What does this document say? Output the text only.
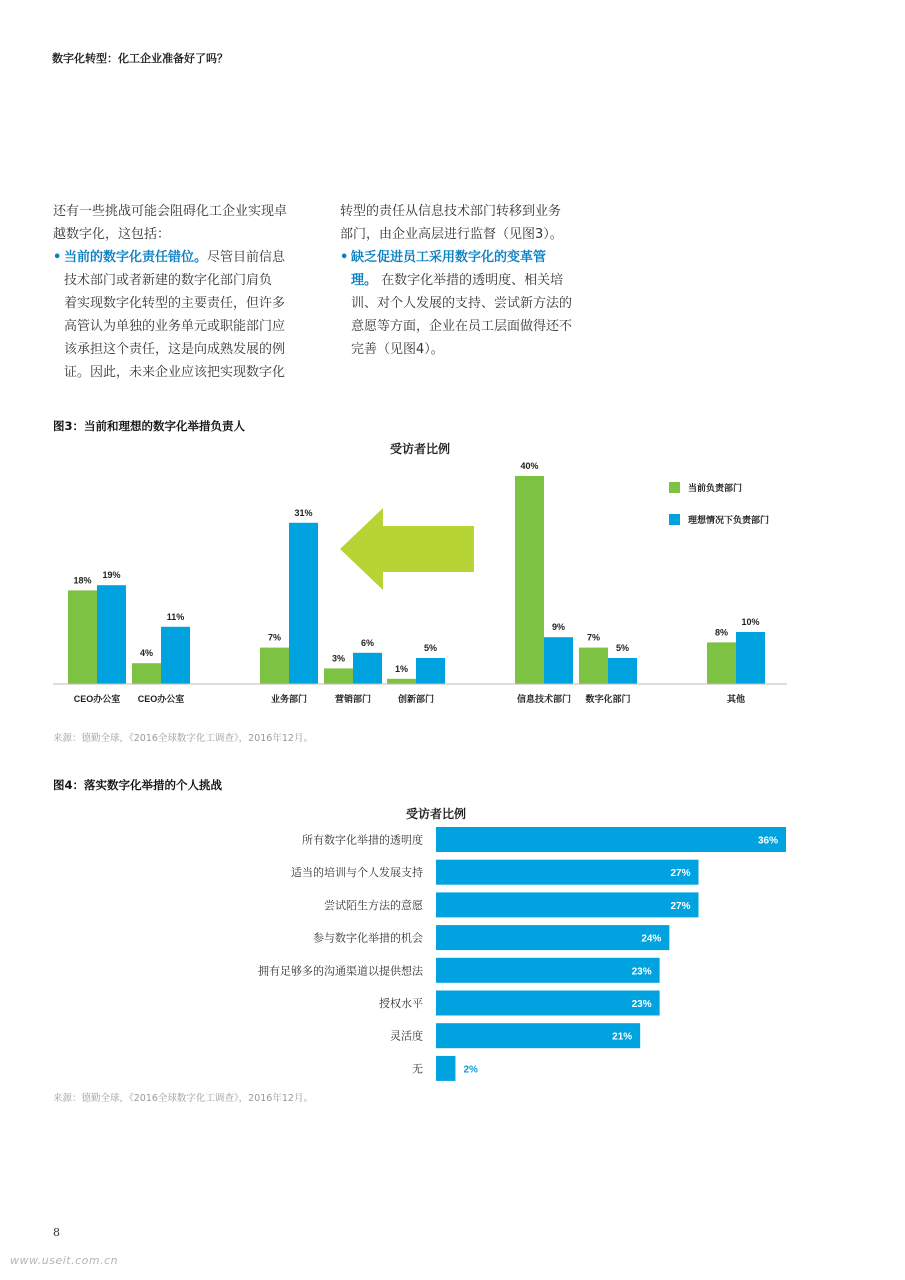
数字化转型：化工企业准备好了吗？

还有一些挑战可能会阻碍化工企业实现卓

越数字化，这包括：

• 当前的数字化责任错位。尽管目前信息

技术部门或者新建的数字化部门肩负

着实现数字化转型的主要责任，但许多

高管认为单独的业务单元或职能部门应

该承担这个责任，这是向成熟发展的例

证。因此，未来企业应该把实现数字化

转型的责任从信息技术部门转移到业务

部门，由企业高层进行监督（见图3）。

• 缺乏促进员工采用数字化的变革管

理。 在数字化举措的透明度、相关培

训、对个人发展的支持、尝试新方法的

意愿等方面，企业在员工层面做得还不

完善（见图4）。

图3：当前和理想的数字化举措负责人
受访者比例
18%
4%
7%
3%
1%
40%
7%
8%
19%
11%
31%
6%
5%
9%
5%
10%
CEO办公室 CEO办公室	业务部门	营销部门	创新部门	信息技术部门 数字化部门	其他
当前负责部门
理想情况下负责部门
来源：德勤全球，《2016全球数字化工调查》，2016年12月。
图4：落实数字化举措的个人挑战
受访者比例
所有数字化举措的透明度	36%
适当的培训与个人发展支持	27%
尝试陌生方法的意愿	27%
参与数字化举措的机会	24%
拥有足够多的沟通渠道以提供想法	23%
授权水平	23%
灵活度	21%
无	2%
来源：德勤全球，《2016全球数字化工调查》，2016年12月。
8
www.useit.com.cn
